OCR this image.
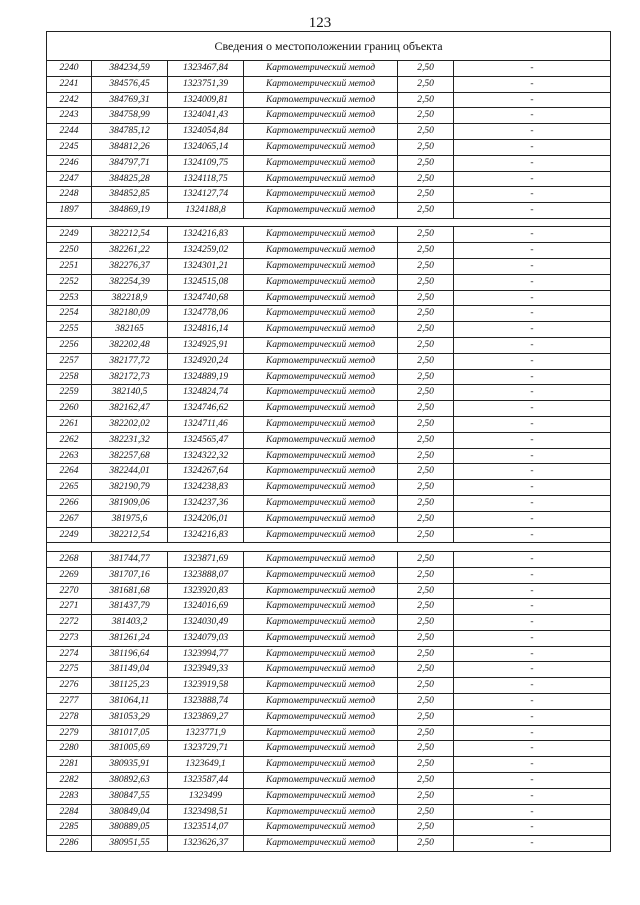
123
Сведения о местоположении границ объекта					
2240	384234,59	1323467,84	Картометрический метод	2,50	-
2241	384576,45	1323751,39	Картометрический метод	2,50	-
2242	384769,31	1324009,81	Картометрический метод	2,50	-
2243	384758,99	1324041,43	Картометрический метод	2,50	-
2244	384785,12	1324054,84	Картометрический метод	2,50	-
2245	384812,26	1324065,14	Картометрический метод	2,50	-
2246	384797,71	1324109,75	Картометрический метод	2,50	-
2247	384825,28	1324118,75	Картометрический метод	2,50	-
2248	384852,85	1324127,74	Картометрический метод	2,50	-
1897	384869,19	1324188,8	Картометрический метод	2,50	-

2249	382212,54	1324216,83	Картометрический метод	2,50	-
2250	382261,22	1324259,02	Картометрический метод	2,50	-
2251	382276,37	1324301,21	Картометрический метод	2,50	-
2252	382254,39	1324515,08	Картометрический метод	2,50	-
2253	382218,9	1324740,68	Картометрический метод	2,50	-
2254	382180,09	1324778,06	Картометрический метод	2,50	-
2255	382165	1324816,14	Картометрический метод	2,50	-
2256	382202,48	1324925,91	Картометрический метод	2,50	-
2257	382177,72	1324920,24	Картометрический метод	2,50	-
2258	382172,73	1324889,19	Картометрический метод	2,50	-
2259	382140,5	1324824,74	Картометрический метод	2,50	-
2260	382162,47	1324746,62	Картометрический метод	2,50	-
2261	382202,02	1324711,46	Картометрический метод	2,50	-
2262	382231,32	1324565,47	Картометрический метод	2,50	-
2263	382257,68	1324322,32	Картометрический метод	2,50	-
2264	382244,01	1324267,64	Картометрический метод	2,50	-
2265	382190,79	1324238,83	Картометрический метод	2,50	-
2266	381909,06	1324237,36	Картометрический метод	2,50	-
2267	381975,6	1324206,01	Картометрический метод	2,50	-
2249	382212,54	1324216,83	Картометрический метод	2,50	-

2268	381744,77	1323871,69	Картометрический метод	2,50	-
2269	381707,16	1323888,07	Картометрический метод	2,50	-
2270	381681,68	1323920,83	Картометрический метод	2,50	-
2271	381437,79	1324016,69	Картометрический метод	2,50	-
2272	381403,2	1324030,49	Картометрический метод	2,50	-
2273	381261,24	1324079,03	Картометрический метод	2,50	-
2274	381196,64	1323994,77	Картометрический метод	2,50	-
2275	381149,04	1323949,33	Картометрический метод	2,50	-
2276	381125,23	1323919,58	Картометрический метод	2,50	-
2277	381064,11	1323888,74	Картометрический метод	2,50	-
2278	381053,29	1323869,27	Картометрический метод	2,50	-
2279	381017,05	1323771,9	Картометрический метод	2,50	-
2280	381005,69	1323729,71	Картометрический метод	2,50	-
2281	380935,91	1323649,1	Картометрический метод	2,50	-
2282	380892,63	1323587,44	Картометрический метод	2,50	-
2283	380847,55	1323499	Картометрический метод	2,50	-
2284	380849,04	1323498,51	Картометрический метод	2,50	-
2285	380889,05	1323514,07	Картометрический метод	2,50	-
2286	380951,55	1323626,37	Картометрический метод	2,50	-
